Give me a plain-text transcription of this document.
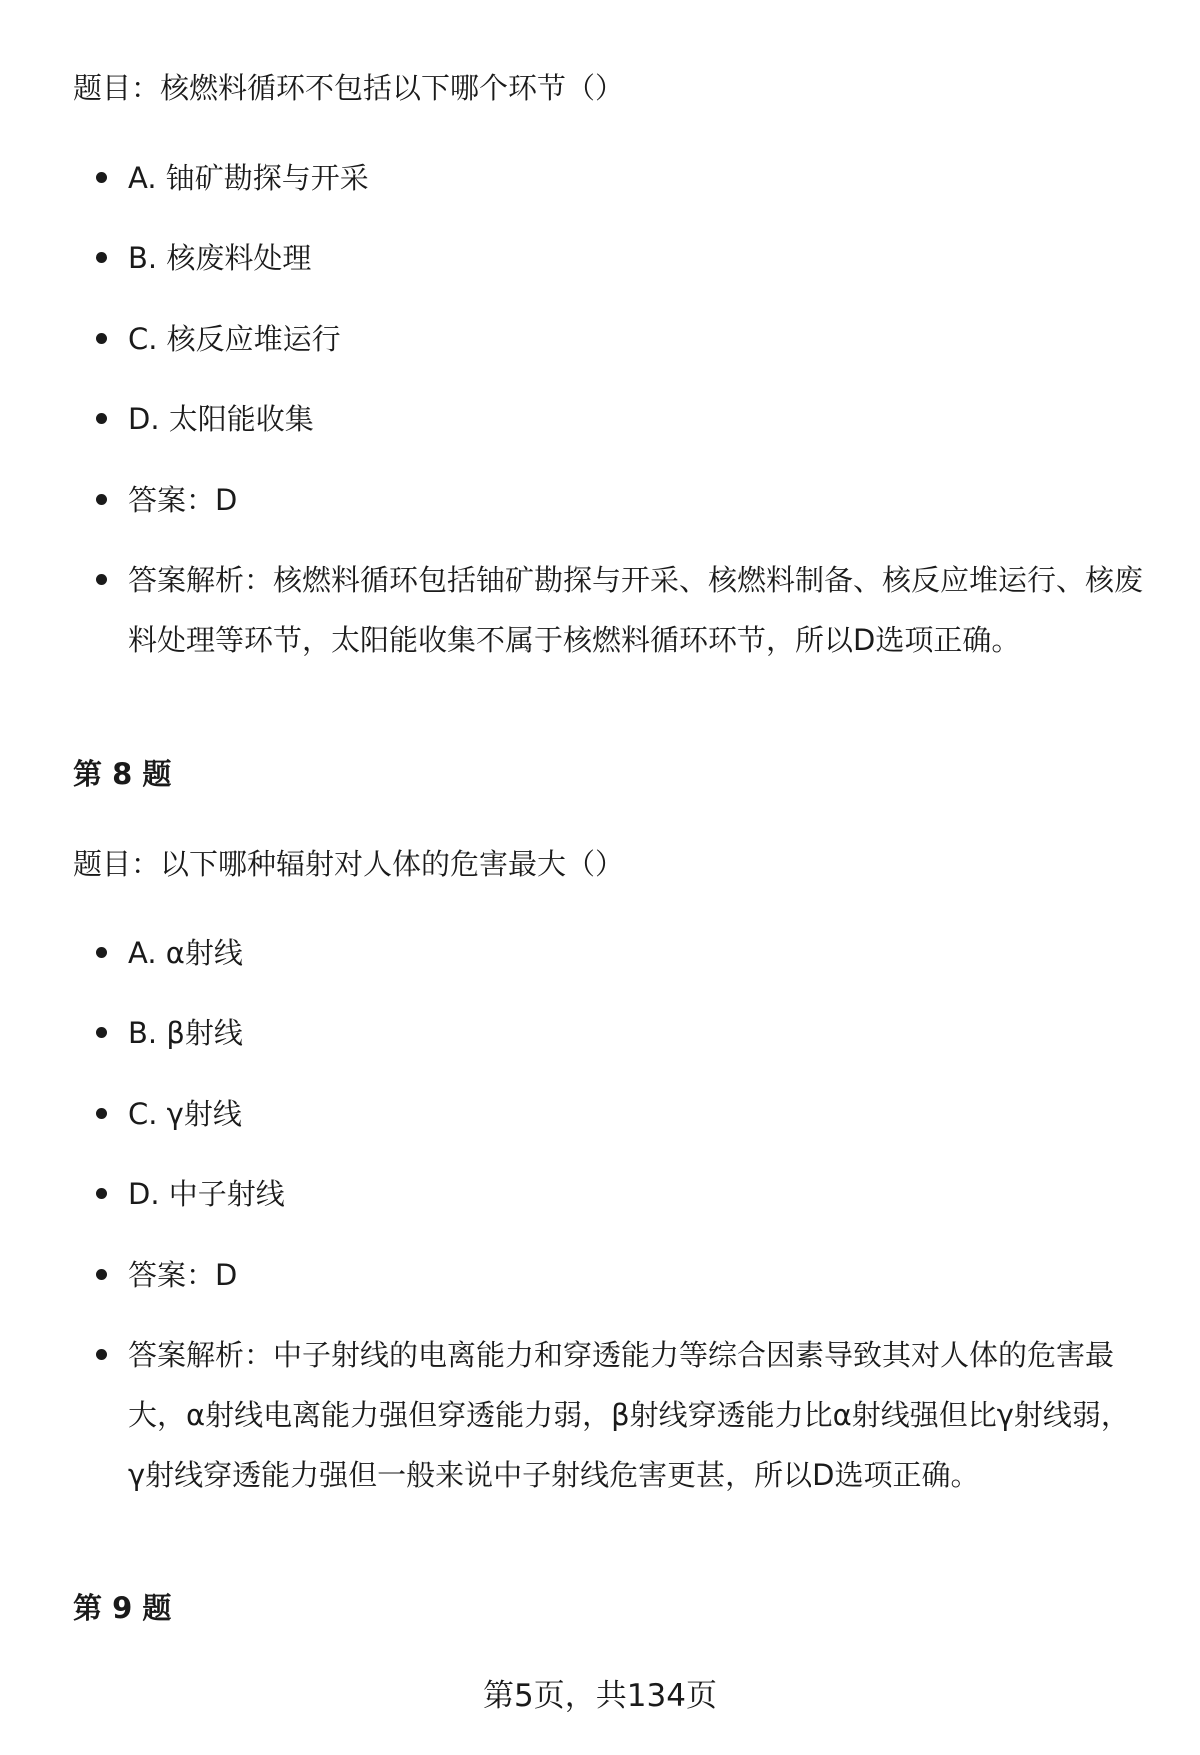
题目：核燃料循环不包括以下哪个环节（）
A. 铀矿勘探与开采
B. 核废料处理
C. 核反应堆运行
D. 太阳能收集
答案：D
答案解析：核燃料循环包括铀矿勘探与开采、核燃料制备、核反应堆运行、核废料处理等环节，太阳能收集不属于核燃料循环环节，所以D选项正确。
第 8 题
题目：以下哪种辐射对人体的危害最大（）
A. α射线
B. β射线
C. γ射线
D. 中子射线
答案：D
答案解析：中子射线的电离能力和穿透能力等综合因素导致其对人体的危害最大，α射线电离能力强但穿透能力弱，β射线穿透能力比α射线强但比γ射线弱，γ射线穿透能力强但一般来说中子射线危害更甚，所以D选项正确。
第 9 题
第5页，共134页
